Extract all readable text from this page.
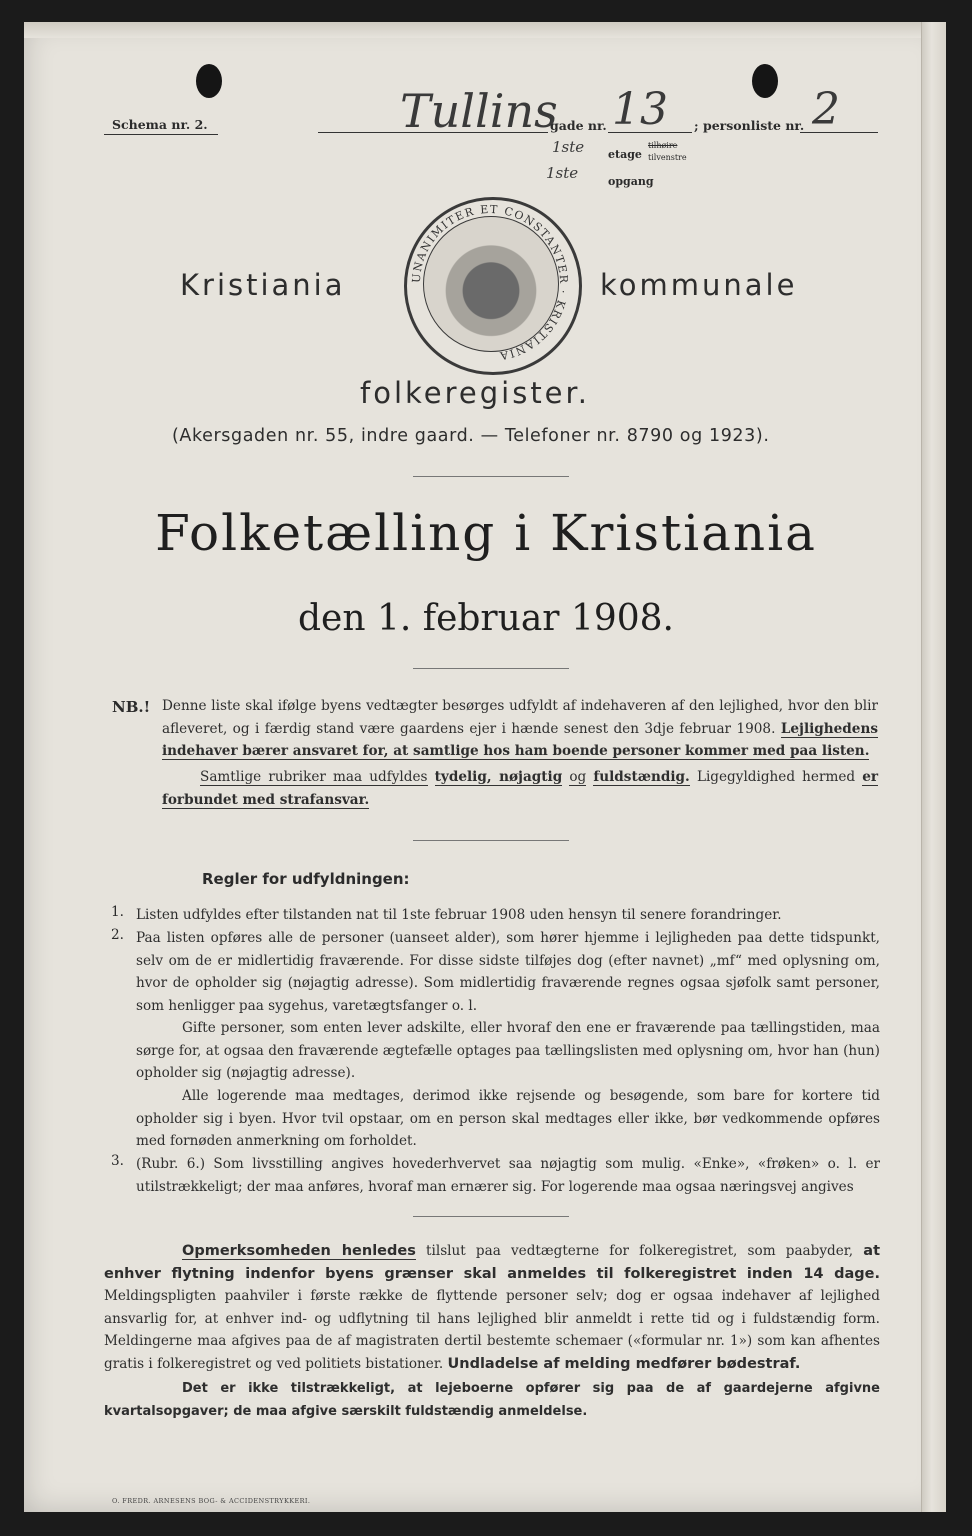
Schema nr. 2.	Tullins
gade nr. 13 ; personliste nr. 2
1ste etage
tilhøire
tilvenstre
1ste	opgang
Kristiania	UNANIMITER ET CONSTANTER · KRISTIANIA
kommunale
folkeregister.
(Akersgaden nr. 55, indre gaard. — Telefoner nr. 8790 og 1923).
Folketælling i Kristiania
den 1. februar 1908.
NB.! Denne liste skal ifølge byens vedtægter besørges udfyldt af indehaveren af den lejlighed, hvor den blir afleveret, og i færdig stand være gaardens ejer i hænde senest den 3dje februar 1908. Lejlighedens indehaver bærer ansvaret for, at samtlige hos ham boende personer kommer med paa listen.
Samtlige rubriker maa udfyldes tydelig, nøjagtig og fuldstændig. Ligegyldighed hermed er forbundet med strafansvar.
Regler for udfyldningen:
1. Listen udfyldes efter tilstanden nat til 1ste februar 1908 uden hensyn til senere forandringer.
2. Paa listen opføres alle de personer (uanseet alder), som hører hjemme i lejligheden paa dette tidspunkt, selv om de er midlertidig fraværende. For disse sidste tilføjes dog (efter navnet) „mf“ med oplysning om, hvor de opholder sig (nøjagtig adresse). Som midlertidig fraværende regnes ogsaa sjøfolk samt personer, som henligger paa sygehus, varetægtsfanger o. l.
Gifte personer, som enten lever adskilte, eller hvoraf den ene er fraværende paa tællingstiden, maa sørge for, at ogsaa den fraværende ægtefælle optages paa tællingslisten med oplysning om, hvor han (hun) opholder sig (nøjagtig adresse).
Alle logerende maa medtages, derimod ikke rejsende og besøgende, som bare for kortere tid opholder sig i byen. Hvor tvil opstaar, om en person skal medtages eller ikke, bør vedkommende opføres med fornøden anmerkning om forholdet.
3. (Rubr. 6.) Som livsstilling angives hovederhvervet saa nøjagtig som mulig. «Enke», «frøken» o. l. er utilstrækkeligt; der maa anføres, hvoraf man ernærer sig. For logerende maa ogsaa næringsvej angives
Opmerksomheden henledes tilslut paa vedtægterne for folkeregistret, som paabyder, at enhver flytning indenfor byens grænser skal anmeldes til folkeregistret inden 14 dage. Meldingspligten paahviler i første række de flyttende personer selv; dog er ogsaa indehaver af lejlighed ansvarlig for, at enhver ind- og udflytning til hans lejlighed blir anmeldt i rette tid og i fuldstændig form. Meldingerne maa afgives paa de af magistraten dertil bestemte schemaer («formular nr. 1») som kan afhentes gratis i folkeregistret og ved politiets bistationer. Undladelse af melding medfører bødestraf.
Det er ikke tilstrækkeligt, at lejeboerne opfører sig paa de af gaardejerne afgivne kvartalsopgaver; de maa afgive særskilt fuldstændig anmeldelse.
O. FREDR. ARNESENS BOG- & ACCIDENSTRYKKERI.
